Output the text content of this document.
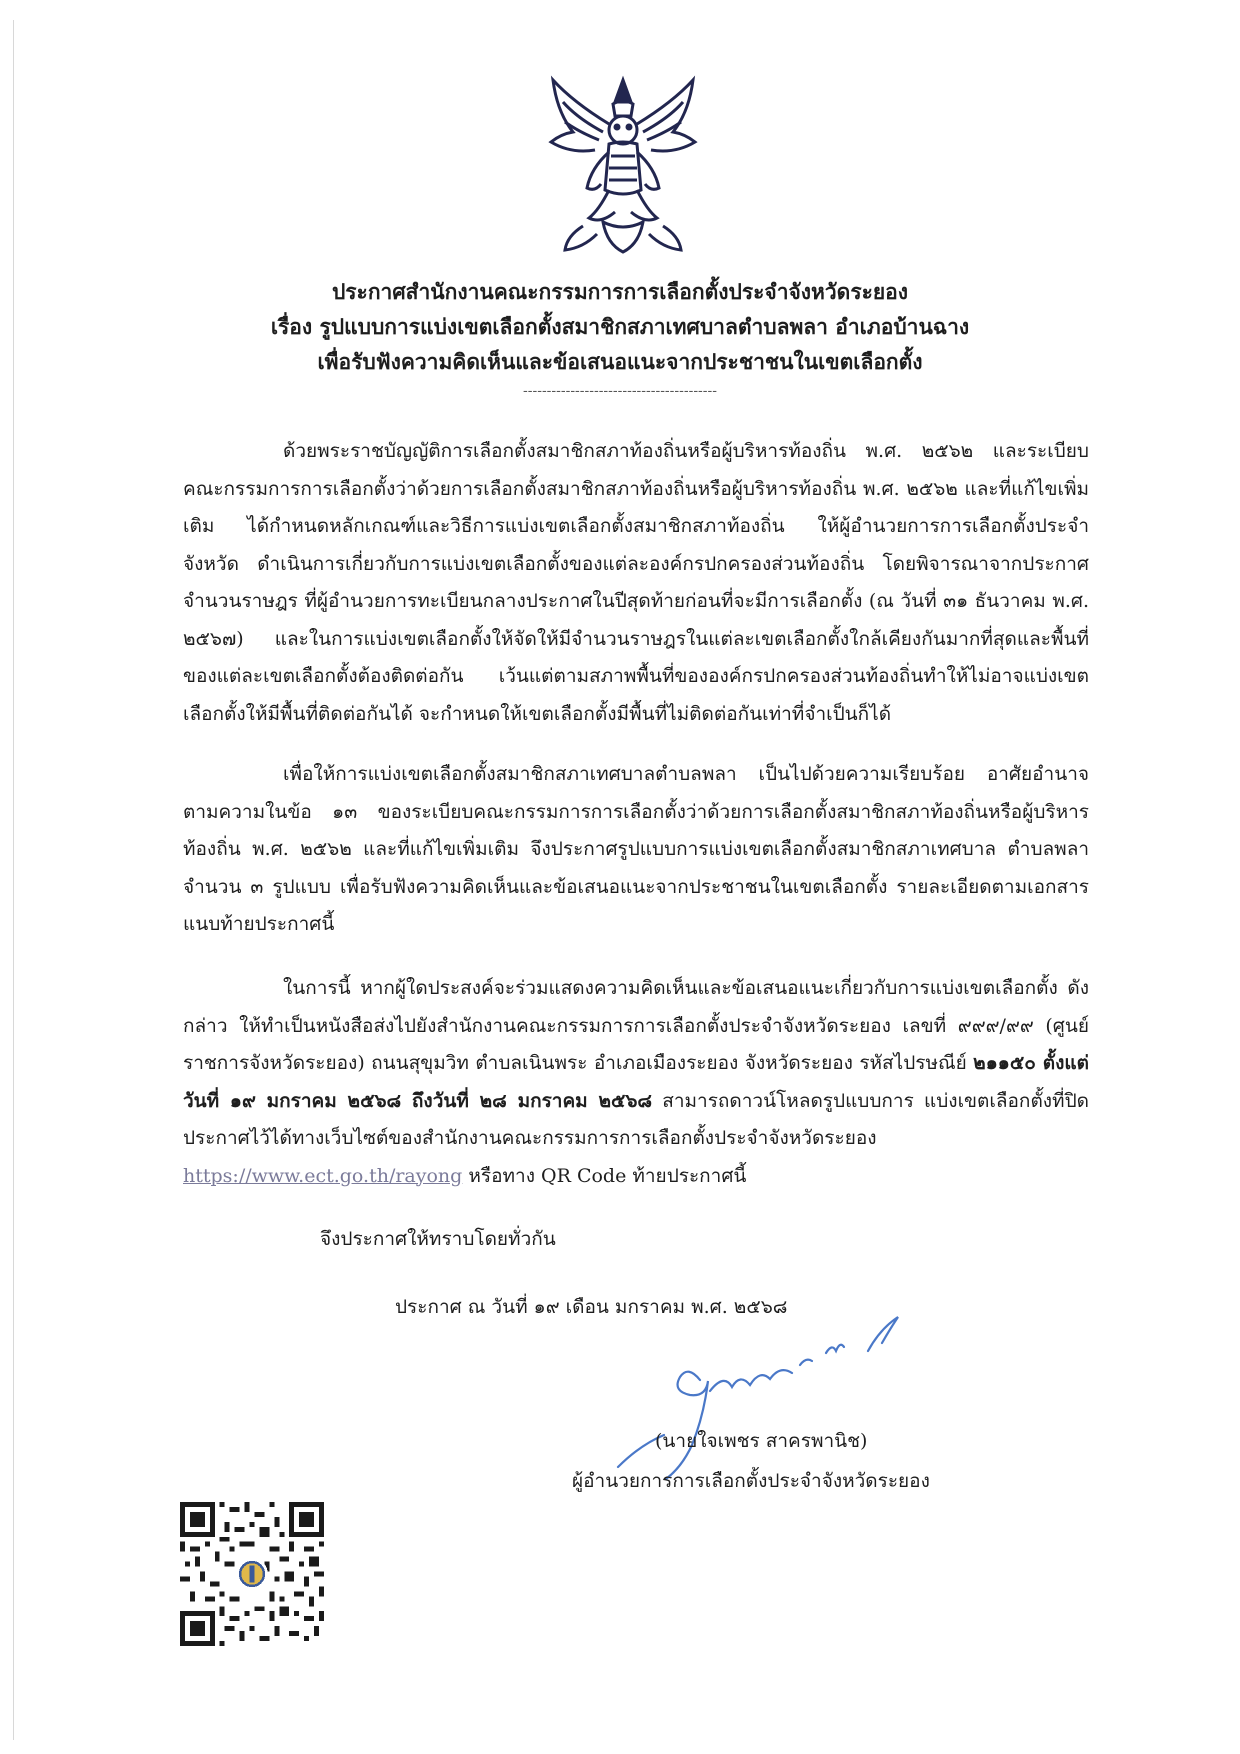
ประกาศสำนักงานคณะกรรมการการเลือกตั้งประจำจังหวัดระยอง
เรื่อง รูปแบบการแบ่งเขตเลือกตั้งสมาชิกสภาเทศบาลตำบลพลา อำเภอบ้านฉาง
เพื่อรับฟังความคิดเห็นและข้อเสนอแนะจากประชาชนในเขตเลือกตั้ง
-----------------------------------------
ด้วยพระราชบัญญัติการเลือกตั้งสมาชิกสภาท้องถิ่นหรือผู้บริหารท้องถิ่น พ.ศ. ๒๕๖๒ และระเบียบคณะกรรมการการเลือกตั้งว่าด้วยการเลือกตั้งสมาชิกสภาท้องถิ่นหรือผู้บริหารท้องถิ่น พ.ศ. ๒๕๖๒ และที่แก้ไขเพิ่มเติม ได้กำหนดหลักเกณฑ์และวิธีการแบ่งเขตเลือกตั้งสมาชิกสภาท้องถิ่น ให้ผู้อำนวยการการเลือกตั้งประจำจังหวัด ดำเนินการเกี่ยวกับการแบ่งเขตเลือกตั้งของแต่ละองค์กรปกครองส่วนท้องถิ่น โดยพิจารณาจากประกาศจำนวนราษฎร ที่ผู้อำนวยการทะเบียนกลางประกาศในปีสุดท้ายก่อนที่จะมีการเลือกตั้ง (ณ วันที่ ๓๑ ธันวาคม พ.ศ. ๒๕๖๗) และในการแบ่งเขตเลือกตั้งให้จัดให้มีจำนวนราษฎรในแต่ละเขตเลือกตั้งใกล้เคียงกันมากที่สุดและพื้นที่ ของแต่ละเขตเลือกตั้งต้องติดต่อกัน เว้นแต่ตามสภาพพื้นที่ขององค์กรปกครองส่วนท้องถิ่นทำให้ไม่อาจแบ่งเขต เลือกตั้งให้มีพื้นที่ติดต่อกันได้ จะกำหนดให้เขตเลือกตั้งมีพื้นที่ไม่ติดต่อกันเท่าที่จำเป็นก็ได้
เพื่อให้การแบ่งเขตเลือกตั้งสมาชิกสภาเทศบาลตำบลพลา เป็นไปด้วยความเรียบร้อย อาศัยอำนาจ ตามความในข้อ ๑๓ ของระเบียบคณะกรรมการการเลือกตั้งว่าด้วยการเลือกตั้งสมาชิกสภาท้องถิ่นหรือผู้บริหาร ท้องถิ่น พ.ศ. ๒๕๖๒ และที่แก้ไขเพิ่มเติม จึงประกาศรูปแบบการแบ่งเขตเลือกตั้งสมาชิกสภาเทศบาล ตำบลพลา จำนวน ๓ รูปแบบ เพื่อรับฟังความคิดเห็นและข้อเสนอแนะจากประชาชนในเขตเลือกตั้ง รายละเอียดตามเอกสารแนบท้ายประกาศนี้
ในการนี้ หากผู้ใดประสงค์จะร่วมแสดงความคิดเห็นและข้อเสนอแนะเกี่ยวกับการแบ่งเขตเลือกตั้ง ดังกล่าว ให้ทำเป็นหนังสือส่งไปยังสำนักงานคณะกรรมการการเลือกตั้งประจำจังหวัดระยอง เลขที่ ๙๙๙/๙๙ (ศูนย์ราชการจังหวัดระยอง) ถนนสุขุมวิท ตำบลเนินพระ อำเภอเมืองระยอง จังหวัดระยอง รหัสไปรษณีย์ ๒๑๑๕๐ ตั้งแต่วันที่ ๑๙ มกราคม ๒๕๖๘ ถึงวันที่ ๒๘ มกราคม ๒๕๖๘ สามารถดาวน์โหลดรูปแบบการ แบ่งเขตเลือกตั้งที่ปิดประกาศไว้ได้ทางเว็บไซต์ของสำนักงานคณะกรรมการการเลือกตั้งประจำจังหวัดระยอง https://www.ect.go.th/rayong หรือทาง QR Code ท้ายประกาศนี้
จึงประกาศให้ทราบโดยทั่วกัน
ประกาศ ณ วันที่ ๑๙ เดือน มกราคม พ.ศ. ๒๕๖๘
(นายใจเพชร สาครพานิช)
ผู้อำนวยการการเลือกตั้งประจำจังหวัดระยอง
